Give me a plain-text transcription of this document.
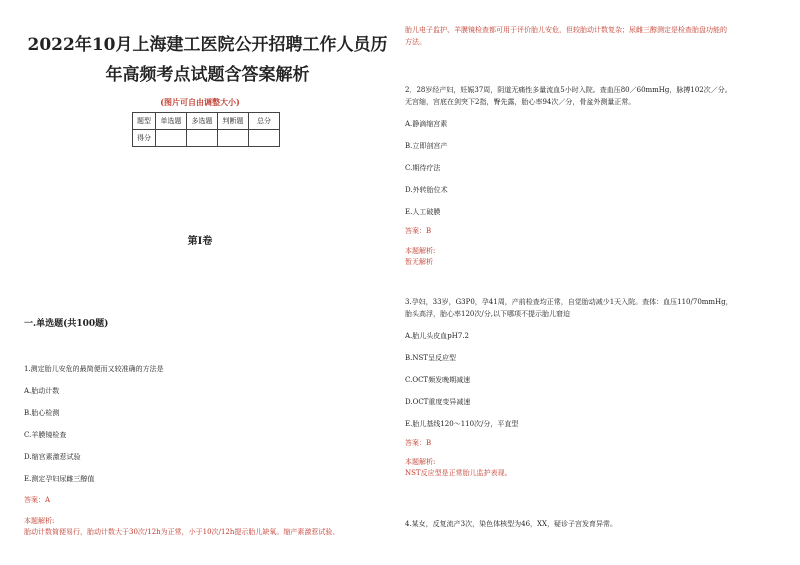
2022年10月上海建工医院公开招聘工作人员历
年高频考点试题含答案解析
(图片可自由调整大小)
题型	单选题	多选题	判断题	总分
得分				
第I卷
一.单选题(共100题)
1.测定胎儿安危的最简便而又较准确的方法是
A.胎动计数
B.胎心检测
C.羊膜镜检查
D.缩宫素激惹试验
E.测定孕妇尿雌三醇值
答案：A
本题解析:
胎动计数简便易行，胎动计数大于30次/12h为正常，小于10次/12h提示胎儿缺氧。缩产素激惹试验、
胎儿电子监护、羊膜镜检查都可用于评价胎儿安危，但较胎动计数复杂；尿雌三醇测定是检查胎盘功能的
方法。
2．28岁经产妇，妊娠37周，阴道无痛性多量流血5小时入院。查血压80／60mmHg，脉搏102次／分。
无宫缩，宫底在剑突下2指，臀先露，胎心率94次／分，骨盆外测量正常。
A.静滴缩宫素
B.立即剖宫产
C.期待疗法
D.外转胎位术
E.人工破膜
答案：B
本题解析:
暂无解析
3.孕妇，33岁，G3P0，孕41周，产前检查均正常，自觉胎动减少1天入院。查体：血压110/70mmHg，
胎头高浮，胎心率120次/分,以下哪项不提示胎儿窘迫
A.胎儿头皮血pH7.2
B.NST呈反应型
C.OCT频发晚期减速
D.OCT重度变异减速
E.胎儿基线120～110次/分，平直型
答案：B
本题解析:
NST反应型是正常胎儿监护表现。
4.某女，反复流产3次，染色体核型为46，XX，疑诊子宫发育异常。
